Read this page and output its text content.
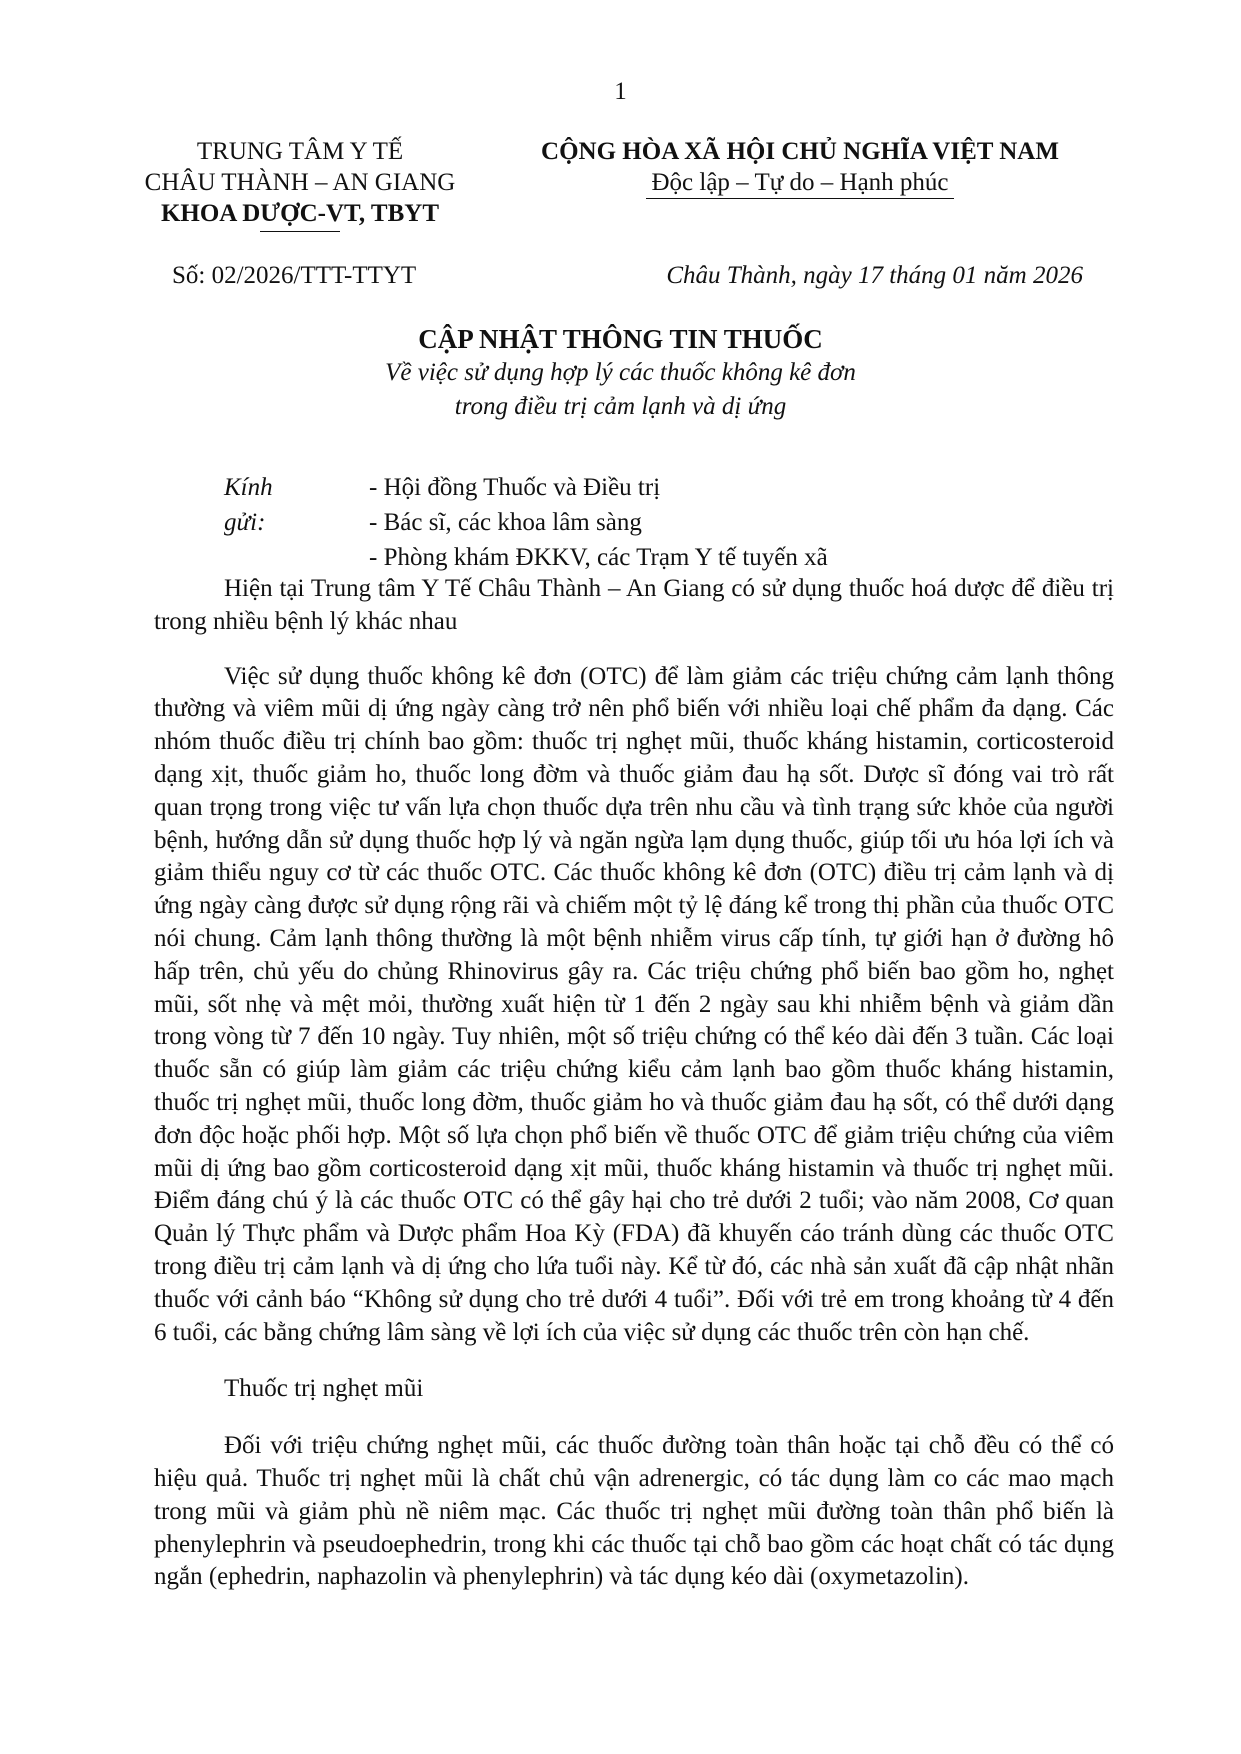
1
TRUNG TÂM Y TẾ
CHÂU THÀNH – AN GIANG
KHOA DƯỢC-VT, TBYT
CỘNG HÒA XÃ HỘI CHỦ NGHĨA VIỆT NAM
Độc lập – Tự do – Hạnh phúc
Số: 02/2026/TTT-TTYT	Châu Thành, ngày 17 tháng 01 năm 2026
CẬP NHẬT THÔNG TIN THUỐC
Về việc sử dụng hợp lý các thuốc không kê đơn
trong điều trị cảm lạnh và dị ứng
Kính gửi:
- Hội đồng Thuốc và Điều trị
- Bác sĩ, các khoa lâm sàng
- Phòng khám ĐKKV, các Trạm Y tế tuyến xã

Hiện tại Trung tâm Y Tế Châu Thành – An Giang có sử dụng thuốc hoá dược để điều trị trong nhiều bệnh lý khác nhau

Việc sử dụng thuốc không kê đơn (OTC) để làm giảm các triệu chứng cảm lạnh thông thường và viêm mũi dị ứng ngày càng trở nên phổ biến với nhiều loại chế phẩm đa dạng. Các nhóm thuốc điều trị chính bao gồm: thuốc trị nghẹt mũi, thuốc kháng histamin, corticosteroid dạng xịt, thuốc giảm ho, thuốc long đờm và thuốc giảm đau hạ sốt. Dược sĩ đóng vai trò rất quan trọng trong việc tư vấn lựa chọn thuốc dựa trên nhu cầu và tình trạng sức khỏe của người bệnh, hướng dẫn sử dụng thuốc hợp lý và ngăn ngừa lạm dụng thuốc, giúp tối ưu hóa lợi ích và giảm thiểu nguy cơ từ các thuốc OTC. Các thuốc không kê đơn (OTC) điều trị cảm lạnh và dị ứng ngày càng được sử dụng rộng rãi và chiếm một tỷ lệ đáng kể trong thị phần của thuốc OTC nói chung. Cảm lạnh thông thường là một bệnh nhiễm virus cấp tính, tự giới hạn ở đường hô hấp trên, chủ yếu do chủng Rhinovirus gây ra. Các triệu chứng phổ biến bao gồm ho, nghẹt mũi, sốt nhẹ và mệt mỏi, thường xuất hiện từ 1 đến 2 ngày sau khi nhiễm bệnh và giảm dần trong vòng từ 7 đến 10 ngày. Tuy nhiên, một số triệu chứng có thể kéo dài đến 3 tuần. Các loại thuốc sẵn có giúp làm giảm các triệu chứng kiểu cảm lạnh bao gồm thuốc kháng histamin, thuốc trị nghẹt mũi, thuốc long đờm, thuốc giảm ho và thuốc giảm đau hạ sốt, có thể dưới dạng đơn độc hoặc phối hợp. Một số lựa chọn phổ biến về thuốc OTC để giảm triệu chứng của viêm mũi dị ứng bao gồm corticosteroid dạng xịt mũi, thuốc kháng histamin và thuốc trị nghẹt mũi. Điểm đáng chú ý là các thuốc OTC có thể gây hại cho trẻ dưới 2 tuổi; vào năm 2008, Cơ quan Quản lý Thực phẩm và Dược phẩm Hoa Kỳ (FDA) đã khuyến cáo tránh dùng các thuốc OTC trong điều trị cảm lạnh và dị ứng cho lứa tuổi này. Kể từ đó, các nhà sản xuất đã cập nhật nhãn thuốc với cảnh báo “Không sử dụng cho trẻ dưới 4 tuổi”. Đối với trẻ em trong khoảng từ 4 đến 6 tuổi, các bằng chứng lâm sàng về lợi ích của việc sử dụng các thuốc trên còn hạn chế.

Thuốc trị nghẹt mũi

Đối với triệu chứng nghẹt mũi, các thuốc đường toàn thân hoặc tại chỗ đều có thể có hiệu quả. Thuốc trị nghẹt mũi là chất chủ vận adrenergic, có tác dụng làm co các mao mạch trong mũi và giảm phù nề niêm mạc. Các thuốc trị nghẹt mũi đường toàn thân phổ biến là phenylephrin và pseudoephedrin, trong khi các thuốc tại chỗ bao gồm các hoạt chất có tác dụng ngắn (ephedrin, naphazolin và phenylephrin) và tác dụng kéo dài (oxymetazolin).
